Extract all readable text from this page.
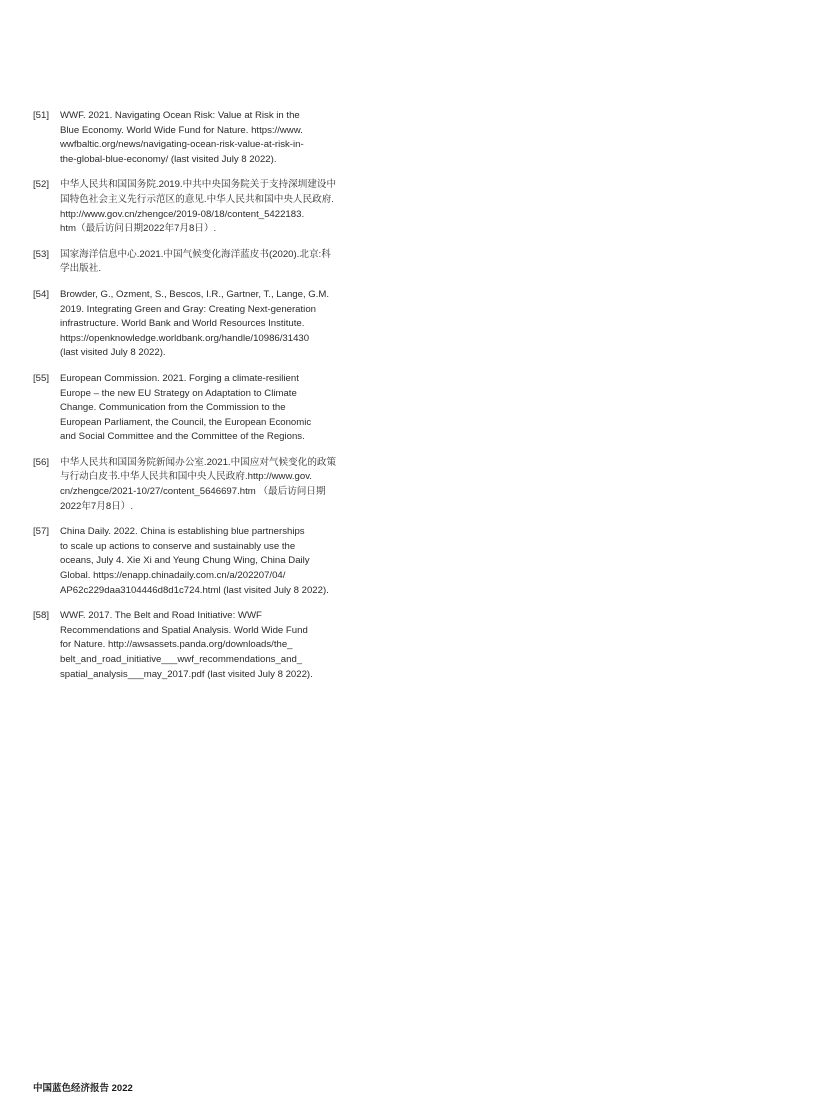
[51]	WWF. 2021. Navigating Ocean Risk: Value at Risk in the
Blue Economy. World Wide Fund for Nature. https://www.
wwfbaltic.org/news/navigating-ocean-risk-value-at-risk-in-
the-global-blue-economy/ (last visited July 8 2022).
[52]	中华人民共和国国务院.2019.中共中央国务院关于支持深圳建设中
国特色社会主义先行示范区的意见.中华人民共和国中央人民政府.
http://www.gov.cn/zhengce/2019-08/18/content_5422183.
htm（最后访问日期2022年7月8日）.
[53]	国家海洋信息中心.2021.中国气候变化海洋蓝皮书(2020).北京:科
学出版社.
[54]	Browder, G., Ozment, S., Bescos, I.R., Gartner, T., Lange, G.M.
2019. Integrating Green and Gray: Creating Next-generation
infrastructure. World Bank and World Resources Institute.
https://openknowledge.worldbank.org/handle/10986/31430
(last visited July 8 2022).
[55]	European Commission. 2021. Forging a climate-resilient
Europe – the new EU Strategy on Adaptation to Climate
Change. Communication from the Commission to the
European Parliament, the Council, the European Economic
and Social Committee and the Committee of the Regions.
[56]	中华人民共和国国务院新闻办公室.2021.中国应对气候变化的政策
与行动白皮书.中华人民共和国中央人民政府.http://www.gov.
cn/zhengce/2021-10/27/content_5646697.htm （最后访问日期
2022年7月8日）.
[57]	China Daily. 2022. China is establishing blue partnerships
to scale up actions to conserve and sustainably use the
oceans, July 4. Xie Xi and Yeung Chung Wing, China Daily
Global. https://enapp.chinadaily.com.cn/a/202207/04/
AP62c229daa3104446d8d1c724.html (last visited July 8 2022).
[58]	WWF. 2017. The Belt and Road Initiative: WWF
Recommendations and Spatial Analysis. World Wide Fund
for Nature. http://awsassets.panda.org/downloads/the_
belt_and_road_initiative___wwf_recommendations_and_
spatial_analysis___may_2017.pdf (last visited July 8 2022).
中国蓝色经济报告 2022
